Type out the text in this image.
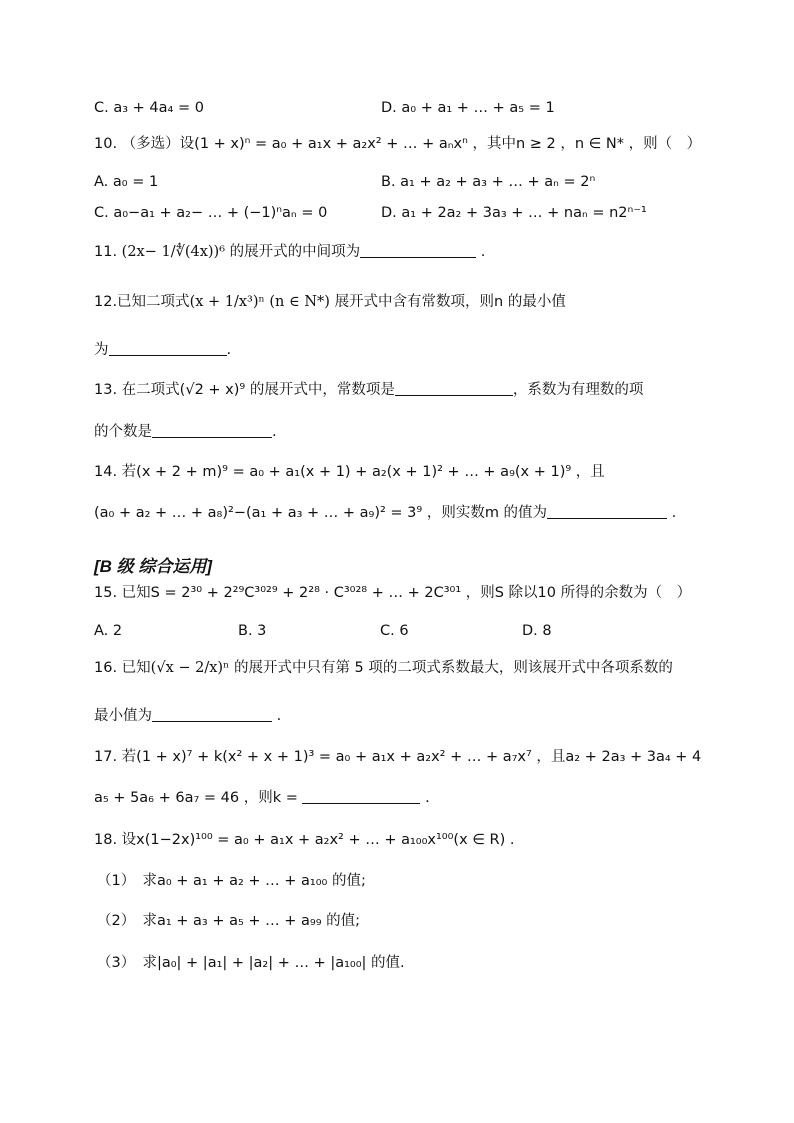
C. a₃ + 4a₄ = 0	D. a₀ + a₁ + … + a₅ = 1
10. （多选）设(1 + x)ⁿ = a₀ + a₁x + a₂x² + … + aₙxⁿ ，其中n ≥ 2 ，n ∈ N* ，则（　）
A. a₀ = 1	B. a₁ + a₂ + a₃ + … + aₙ = 2ⁿ
C. a₀−a₁ + a₂− … + (−1)ⁿaₙ = 0	D. a₁ + 2a₂ + 3a₃ + … + naₙ = n2ⁿ⁻¹
11. (2x− 1/∜(4x))⁶ 的展开式的中间项为	.
12.已知二项式(x + 1/x³)ⁿ (n ∈ N*) 展开式中含有常数项，则n 的最小值
为	.
13. 在二项式(√2 + x)⁹ 的展开式中，常数项是	，系数为有理数的项
的个数是	.
14. 若(x + 2 + m)⁹ = a₀ + a₁(x + 1) + a₂(x + 1)² + … + a₉(x + 1)⁹ ，且
(a₀ + a₂ + … + a₈)²−(a₁ + a₃ + … + a₉)² = 3⁹ ，则实数m 的值为	.
[B 级 综合运用]
15. 已知S = 2³⁰ + 2²⁹C³⁰²⁹ + 2²⁸ · C³⁰²⁸ + … + 2C³⁰¹ ，则S 除以10 所得的余数为（　）
A. 2	B. 3	C. 6	D. 8
16. 已知(√x − 2/x)ⁿ 的展开式中只有第 5 项的二项式系数最大，则该展开式中各项系数的
最小值为	.
17. 若(1 + x)⁷ + k(x² + x + 1)³ = a₀ + a₁x + a₂x² + … + a₇x⁷ ，且a₂ + 2a₃ + 3a₄ + 4
a₅ + 5a₆ + 6a₇ = 46 ，则k =	.
18. 设x(1−2x)¹⁰⁰ = a₀ + a₁x + a₂x² + … + a₁₀₀x¹⁰⁰(x ∈ R) .
（1）　求a₀ + a₁ + a₂ + … + a₁₀₀ 的值;
（2）　求a₁ + a₃ + a₅ + … + a₉₉ 的值;
（3）　求|a₀| + |a₁| + |a₂| + … + |a₁₀₀| 的值.
